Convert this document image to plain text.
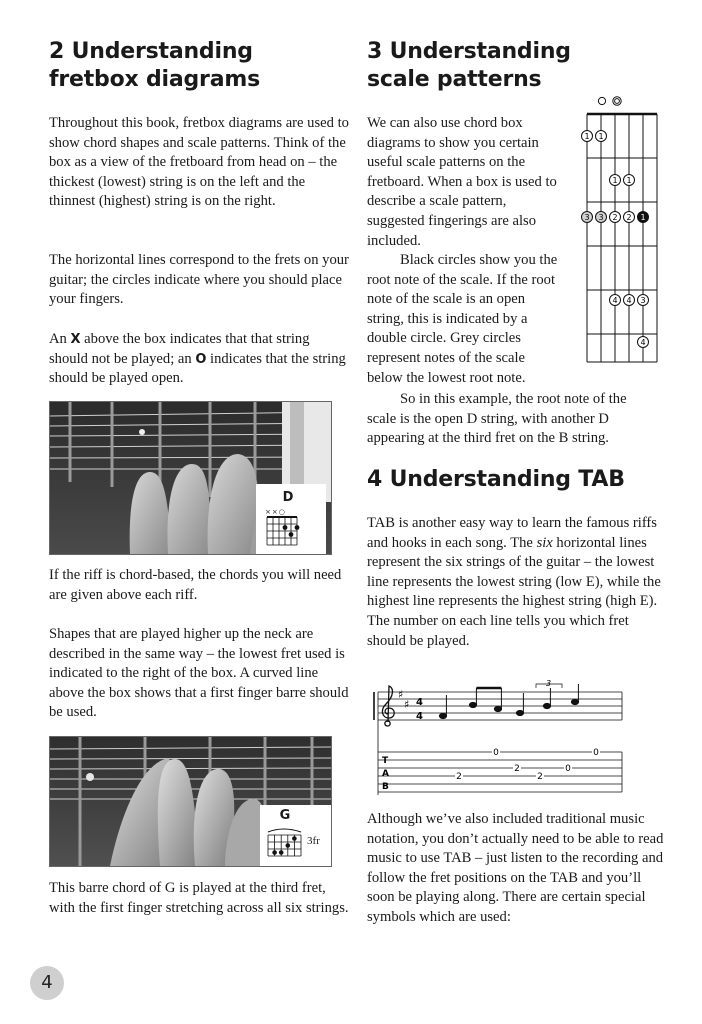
2 Understanding fretbox diagrams

Throughout this book, fretbox diagrams are used to show chord shapes and scale patterns. Think of the box as a view of the fretboard from head on – the thickest (lowest) string is on the left and the thinnest (highest) string is on the right.

The horizontal lines correspond to the frets on your guitar; the circles indicate where you should place your fingers.

An X above the box indicates that that string should not be played; an O indicates that the string should be played open.

D
××○

If the riff is chord-based, the chords you will need are given above each riff.

Shapes that are played higher up the neck are described in the same way – the lowest fret used is indicated to the right of the box. A curved line above the box shows that a first finger barre should be used.

G
3fr

This barre chord of G is played at the third fret, with the first finger stretching across all six strings.

4
3 Understanding scale patterns

We can also use chord box diagrams to show you certain useful scale patterns on the fretboard. When a box is used to describe a scale pattern, suggested fingerings are also included.

Black circles show you the root note of the scale. If the root note of the scale is an open string, this is indicated by a double circle. Grey circles represent notes of the scale below the lowest root note.

So in this example, the root note of the scale is the open D string, with another D appearing at the third fret on the B string.

1 1
1 1
3 3 2 2 1
4 4 3
4
4 Understanding TAB

TAB is another easy way to learn the famous riffs and hooks in each song. The six horizontal lines represent the six strings of the guitar – the lowest line represents the lowest string (low E), while the highest line represents the highest string (high E). The number on each line tells you which fret should be played.

♯
♯ 4
4
3
T
A
B
2
0
2
2
0
0

Although we’ve also included traditional music notation, you don’t actually need to be able to read music to use TAB – just listen to the recording and follow the fret positions on the TAB and you’ll soon be playing along. There are certain special symbols which are used:
